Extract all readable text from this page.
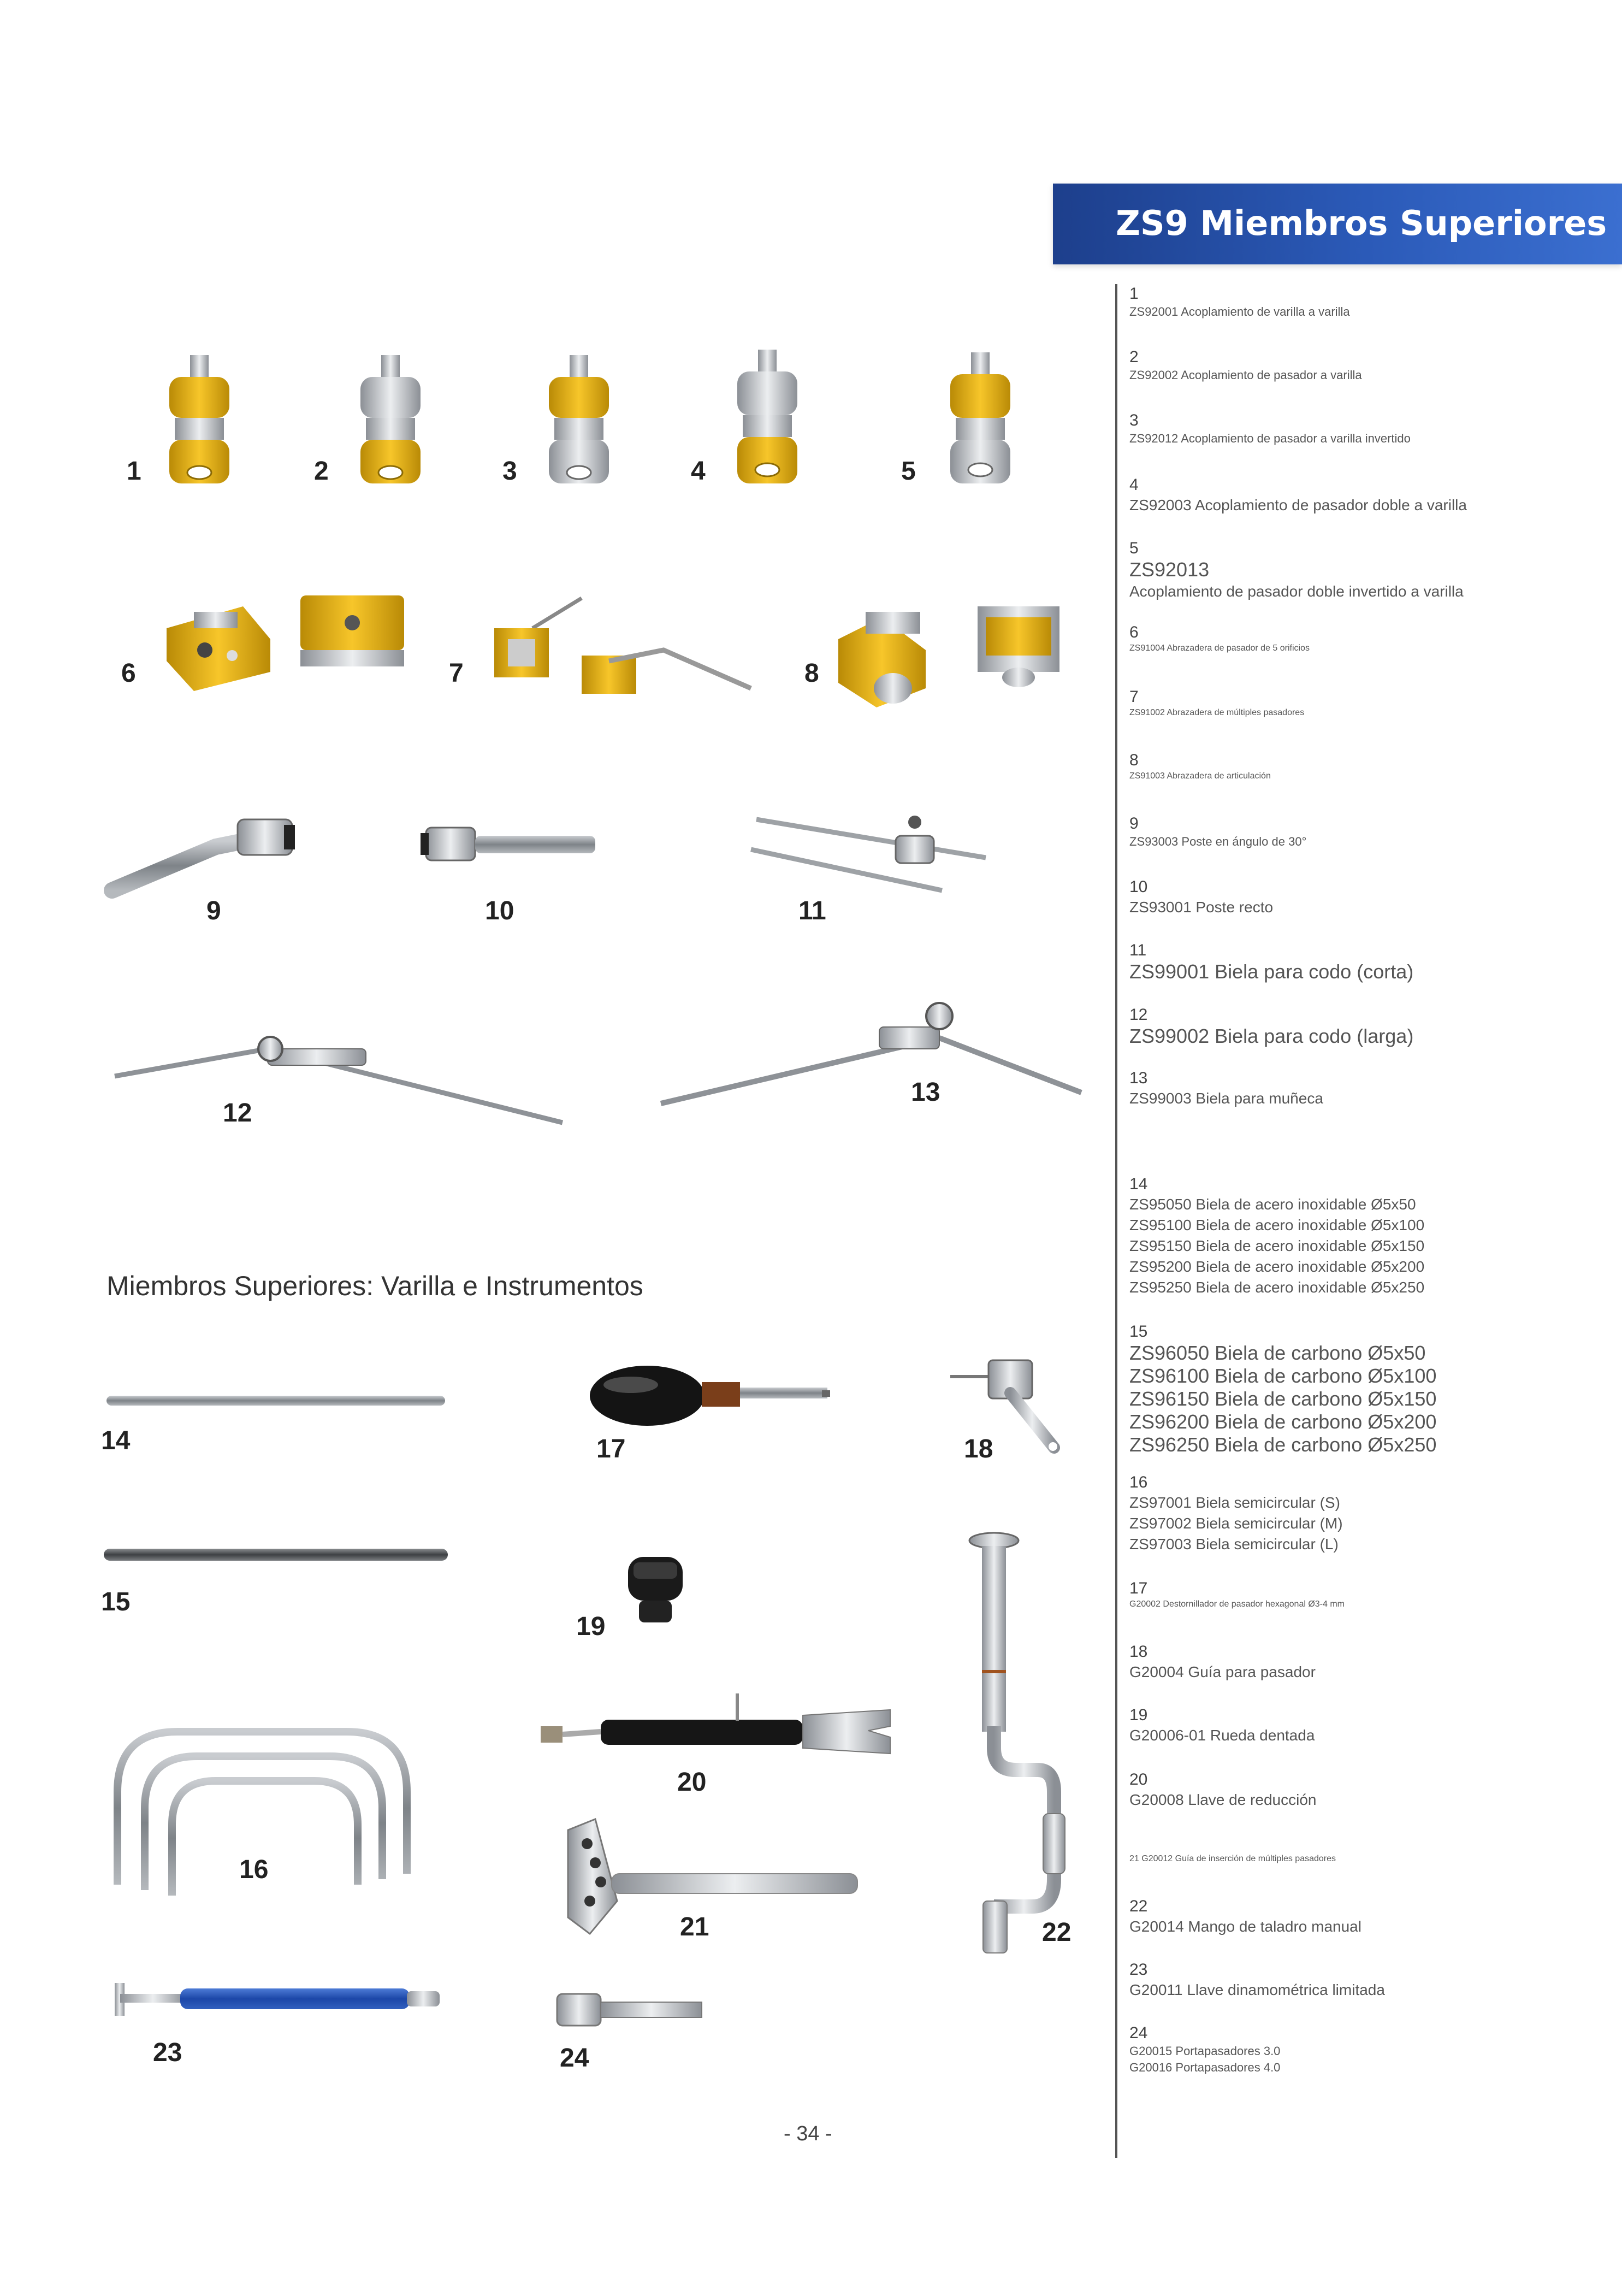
ZS9 Miembros Superiores
1
ZS92001 Acoplamiento de varilla a varilla
2
ZS92002 Acoplamiento de pasador a varilla
3
ZS92012 Acoplamiento de pasador a varilla invertido
4
ZS92003 Acoplamiento de pasador doble a varilla
5
ZS92013
Acoplamiento de pasador doble invertido a varilla
6
ZS91004 Abrazadera de pasador de 5 orificios
7
ZS91002 Abrazadera de múltiples pasadores
8
ZS91003 Abrazadera de articulación
9
ZS93003 Poste en ángulo de 30°
10
ZS93001 Poste recto
11
ZS99001 Biela para codo (corta)
12
ZS99002 Biela para codo (larga)
13
ZS99003 Biela para muñeca
14
ZS95050 Biela de acero inoxidable Ø5x50
ZS95100 Biela de acero inoxidable Ø5x100
ZS95150 Biela de acero inoxidable Ø5x150
ZS95200 Biela de acero inoxidable Ø5x200
ZS95250 Biela de acero inoxidable Ø5x250
15
ZS96050 Biela de carbono Ø5x50
ZS96100 Biela de carbono Ø5x100
ZS96150 Biela de carbono Ø5x150
ZS96200 Biela de carbono Ø5x200
ZS96250 Biela de carbono Ø5x250
16
ZS97001 Biela semicircular (S)
ZS97002 Biela semicircular (M)
ZS97003 Biela semicircular (L)
17
G20002 Destornillador de pasador hexagonal Ø3-4 mm
18
G20004 Guía para pasador
19
G20006-01 Rueda dentada
20
G20008 Llave de reducción
21 G20012 Guía de inserción de múltiples pasadores
22
G20014 Mango de taladro manual
23
G20011 Llave dinamométrica limitada
24
G20015 Portapasadores 3.0
G20016 Portapasadores 4.0
Miembros Superiores: Varilla e Instrumentos
- 34 -
1	2	3	4	5
6	7	8
9	10	11
12
13
14
15
16
17	18
19
20
21	22
23	24
